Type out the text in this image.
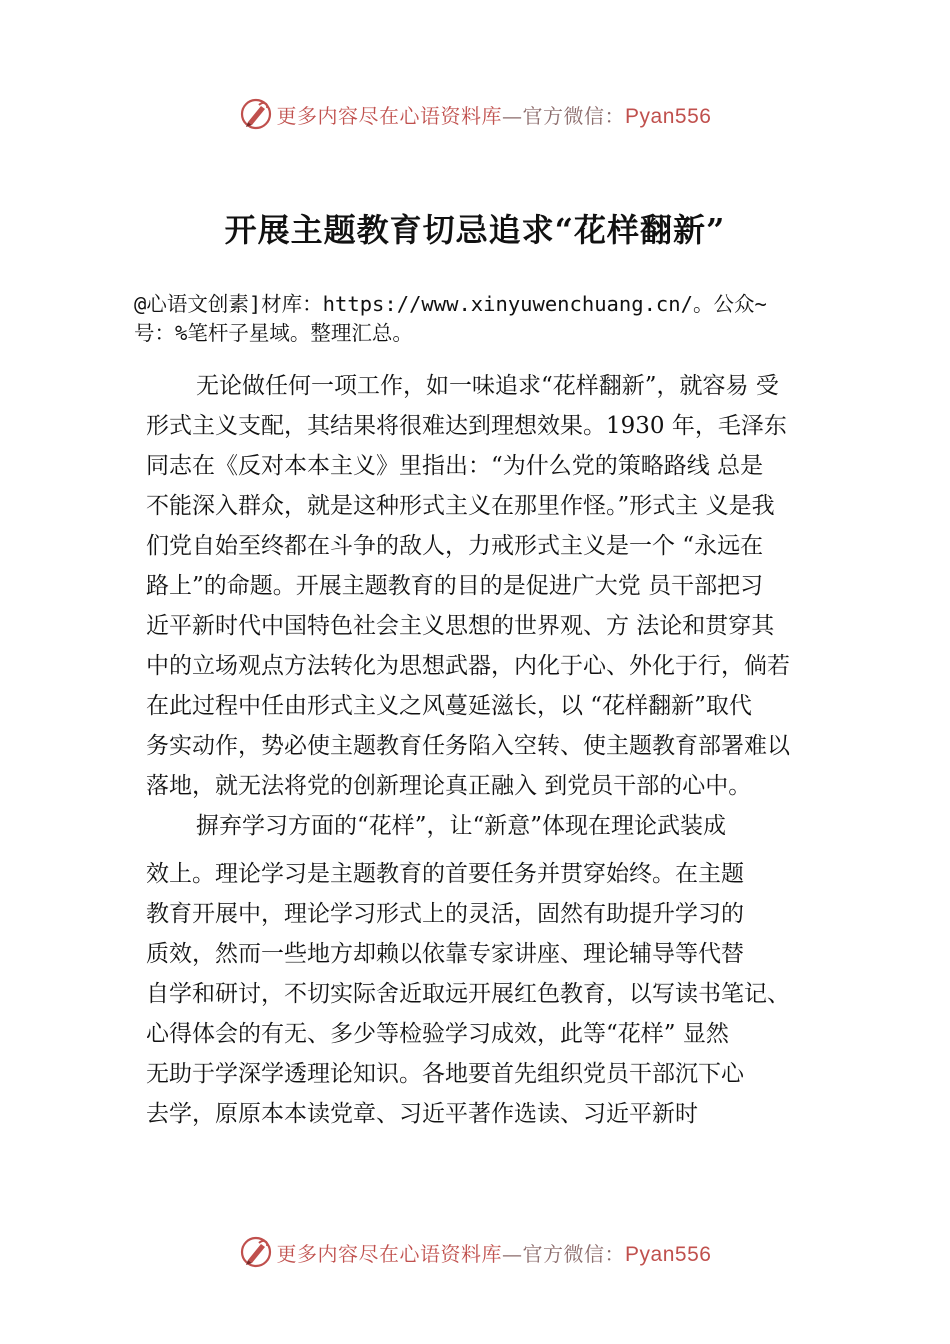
更多内容尽在心语资料库—官方微信：Pyan556
开展主题教育切忌追求“花样翻新”
@心语文创素]材库：https://www.xinyuwenchuang.cn/。公众~
号：%笔杆子星域。整理汇总。
无论做任何一项工作，如一味追求“花样翻新”，就容易 受
形式主义支配，其结果将很难达到理想效果。1930 年，毛泽东
同志在《反对本本主义》里指出：“为什么党的策略路线 总是
不能深入群众，就是这种形式主义在那里作怪。”形式主 义是我
们党自始至终都在斗争的敌人，力戒形式主义是一个 “永远在
路上”的命题。开展主题教育的目的是促进广大党 员干部把习
近平新时代中国特色社会主义思想的世界观、方 法论和贯穿其
中的立场观点方法转化为思想武器，内化于心、外化于行，倘若
在此过程中任由形式主义之风蔓延滋长，以 “花样翻新”取代
务实动作，势必使主题教育任务陷入空转、使主题教育部署难以
落地，就无法将党的创新理论真正融入 到党员干部的心中。
摒弃学习方面的“花样”，让“新意”体现在理论武装成
效上。理论学习是主题教育的首要任务并贯穿始终。在主题
教育开展中，理论学习形式上的灵活，固然有助提升学习的
质效，然而一些地方却赖以依靠专家讲座、理论辅导等代替
自学和研讨，不切实际舍近取远开展红色教育，以写读书笔记、
心得体会的有无、多少等检验学习成效，此等“花样” 显然
无助于学深学透理论知识。各地要首先组织党员干部沉下心
去学，原原本本读党章、习近平著作选读、习近平新时
更多内容尽在心语资料库—官方微信：Pyan556
